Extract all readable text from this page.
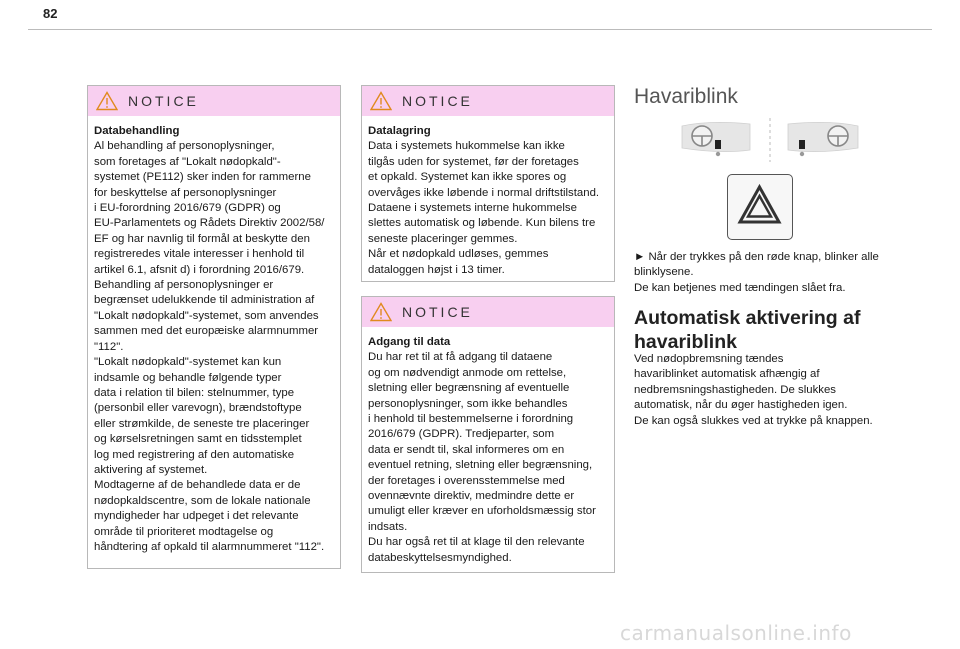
82
NOTICE

Databehandling

Al behandling af personoplysninger,

som foretages af "Lokalt nødopkald"-

systemet (PE112) sker inden for rammerne

for beskyttelse af personoplysninger

i EU-forordning 2016/679 (GDPR) og

EU-Parlamentets og Rådets Direktiv 2002/58/

EF og har navnlig til formål at beskytte den

registreredes vitale interesser i henhold til

artikel 6.1, afsnit d) i forordning 2016/679.

Behandling af personoplysninger er

begrænset udelukkende til administration af

"Lokalt nødopkald"-systemet, som anvendes

sammen med det europæiske alarmnummer

"112".

"Lokalt nødopkald"-systemet kan kun

indsamle og behandle følgende typer

data i relation til bilen: stelnummer, type

(personbil eller varevogn), brændstoftype

eller strømkilde, de seneste tre placeringer

og kørselsretningen samt en tidsstemplet

log med registrering af den automatiske

aktivering af systemet.

Modtagerne af de behandlede data er de

nødopkaldscentre, som de lokale nationale

myndigheder har udpeget i det relevante

område til prioriteret modtagelse og

håndtering af opkald til alarmnummeret "112".

NOTICE

Datalagring

Data i systemets hukommelse kan ikke

tilgås uden for systemet, før der foretages

et opkald. Systemet kan ikke spores og

overvåges ikke løbende i normal driftstilstand.

Dataene i systemets interne hukommelse

slettes automatisk og løbende. Kun bilens tre

seneste placeringer gemmes.

Når et nødopkald udløses, gemmes

dataloggen højst i 13 timer.

NOTICE

Adgang til data

Du har ret til at få adgang til dataene

og om nødvendigt anmode om rettelse,

sletning eller begrænsning af eventuelle

personoplysninger, som ikke behandles

i henhold til bestemmelserne i forordning

2016/679 (GDPR). Tredjeparter, som

data er sendt til, skal informeres om en

eventuel retning, sletning eller begrænsning,

der foretages i overensstemmelse med

ovennævnte direktiv, medmindre dette er

umuligt eller kræver en uforholdsmæssig stor

indsats.

Du har også ret til at klage til den relevante

databeskyttelsesmyndighed.

Havariblink

► Når der trykkes på den røde knap, blinker alle

blinklysene.

De kan betjenes med tændingen slået fra.

Automatisk aktivering af
havariblink

Ved nødopbremsning tændes

havariblinket automatisk afhængig af

nedbremsningshastigheden. De slukkes

automatisk, når du øger hastigheden igen.

De kan også slukkes ved at trykke på knappen.

carmanualsonline.info
